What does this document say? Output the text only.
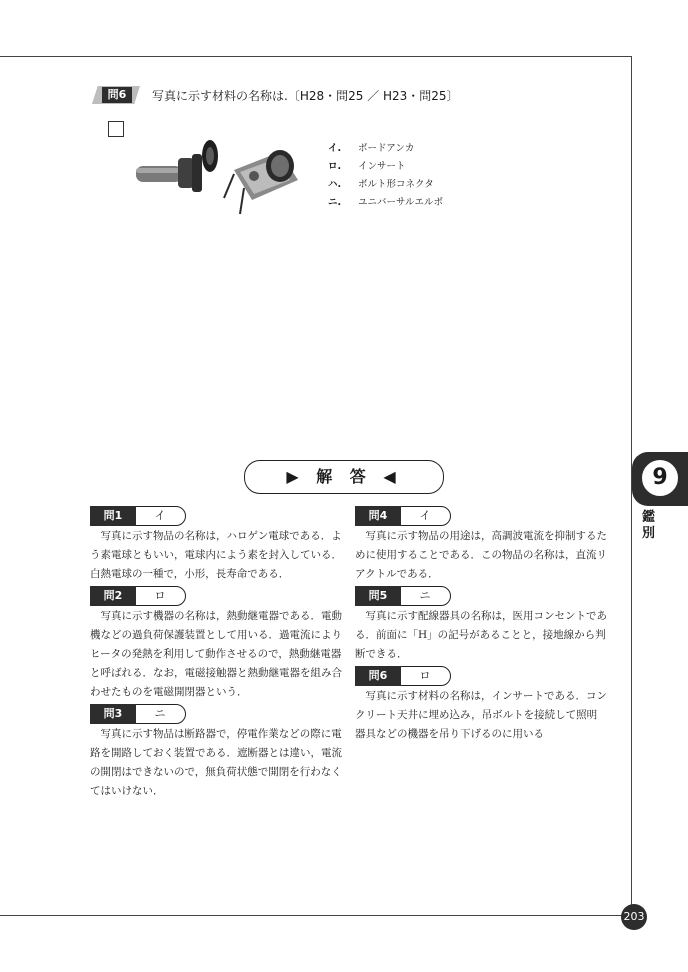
問6	写真に示す材料の名称は.〔H28・問25 ／ H23・問25〕
イ.	ボードアンカ
ロ.	インサート
ハ.	ボルト形コネクタ
ニ.	ユニバーサルエルボ
▶ 解 答 ◀	9
鑑別
問1	イ

写真に示す物品の名称は，ハロゲン電球である．よう素電球ともいい，電球内によう素を封入している．白熱電球の一種で，小形，長寿命である．

問2	ロ

写真に示す機器の名称は，熱動継電器である．電動機などの過負荷保護装置として用いる．過電流によりヒータの発熱を利用して動作させるので，熱動継電器と呼ばれる．なお，電磁接触器と熱動継電器を組み合わせたものを電磁開閉器という．

問3	ニ

写真に示す物品は断路器で，停電作業などの際に電路を開路しておく装置である．遮断器とは違い，電流の開閉はできないので，無負荷状態で開閉を行わなくてはいけない．

問4	イ

写真に示す物品の用途は，高調波電流を抑制するために使用することである．この物品の名称は，直流リアクトルである．

問5	ニ

写真に示す配線器具の名称は，医用コンセントである．前面に「H」の記号があることと，接地線から判断できる．

問6	ロ

写真に示す材料の名称は，インサートである．コンクリート天井に埋め込み，吊ボルトを接続して照明器具などの機器を吊り下げるのに用いる

203
